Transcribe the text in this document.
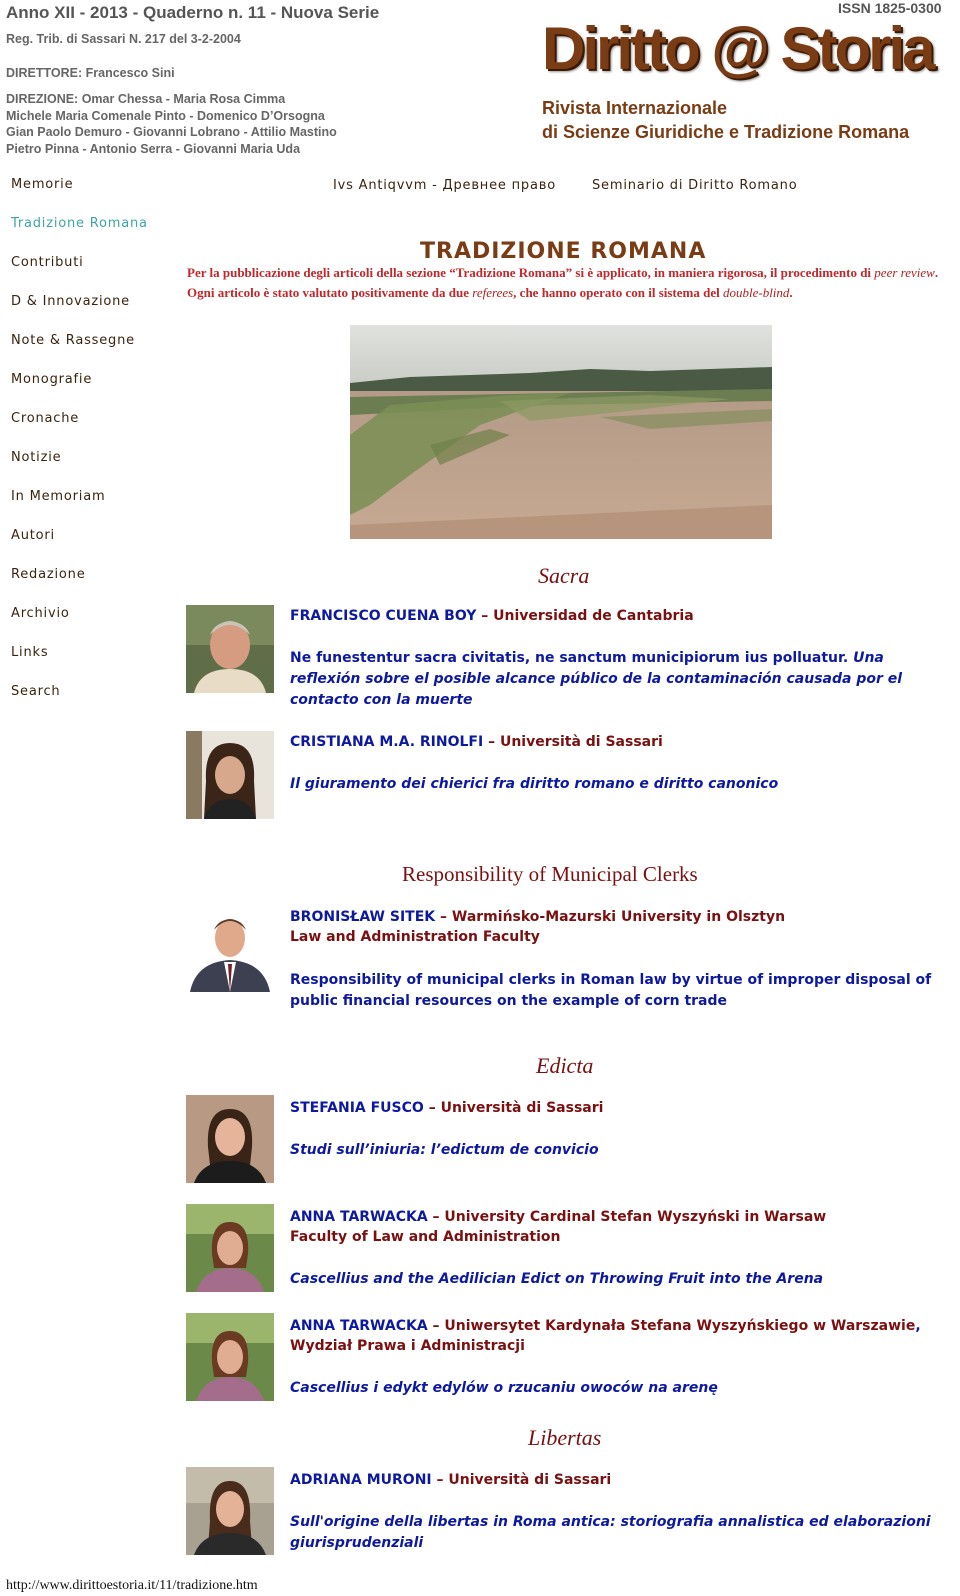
Anno XII - 2013 - Quaderno n. 11 - Nuova Serie
Reg. Trib. di Sassari N. 217 del 3-2-2004
DIRETTORE: Francesco Sini
DIREZIONE: Omar Chessa - Maria Rosa Cimma
Michele Maria Comenale Pinto - Domenico D’Orsogna
Gian Paolo Demuro - Giovanni Lobrano - Attilio Mastino
Pietro Pinna - Antonio Serra - Giovanni Maria Uda
ISSN 1825-0300
Diritto @ Storia
Rivista Internazionale
di Scienze Giuridiche e Tradizione Romana
Ivs Antiqvvm - Древнее право	Seminario di Diritto Romano
Memorie
Tradizione Romana
Contributi
D & Innovazione
Note & Rassegne
Monografie
Cronache
Notizie
In Memoriam
Autori
Redazione
Archivio
Links
Search
TRADIZIONE ROMANA
Per la pubblicazione degli articoli della sezione “Tradizione Romana” si è applicato, in maniera rigorosa, il procedimento di peer review. Ogni articolo è stato valutato positivamente da due referees, che hanno operato con il sistema del double-blind.
Sacra
FRANCISCO CUENA BOY – Universidad de Cantabria
Ne funestentur sacra civitatis, ne sanctum municipiorum ius polluatur. Una reflexión sobre el posible alcance público de la contaminación causada por el contacto con la muerte
CRISTIANA M.A. RINOLFI – Università di Sassari
Il giuramento dei chierici fra diritto romano e diritto canonico
Responsibility of Municipal Clerks
BRONISŁAW SITEK – Warmińsko-Mazurski University in Olsztyn
Law and Administration Faculty
Responsibility of municipal clerks in Roman law by virtue of improper disposal of public financial resources on the example of corn trade
Edicta
STEFANIA FUSCO – Università di Sassari
Studi sull’iniuria: l’edictum de convicio
ANNA TARWACKA – University Cardinal Stefan Wyszyński in Warsaw
Faculty of Law and Administration
Cascellius and the Aedilician Edict on Throwing Fruit into the Arena
ANNA TARWACKA – Uniwersytet Kardynała Stefana Wyszyńskiego w Warszawie,
Wydział Prawa i Administracji
Cascellius i edykt edylów o rzucaniu owoców na arenę
Libertas
ADRIANA MURONI – Università di Sassari
Sull'origine della libertas in Roma antica: storiografia annalistica ed elaborazioni giurisprudenziali
http://www.dirittoestoria.it/11/tradizione.htm
